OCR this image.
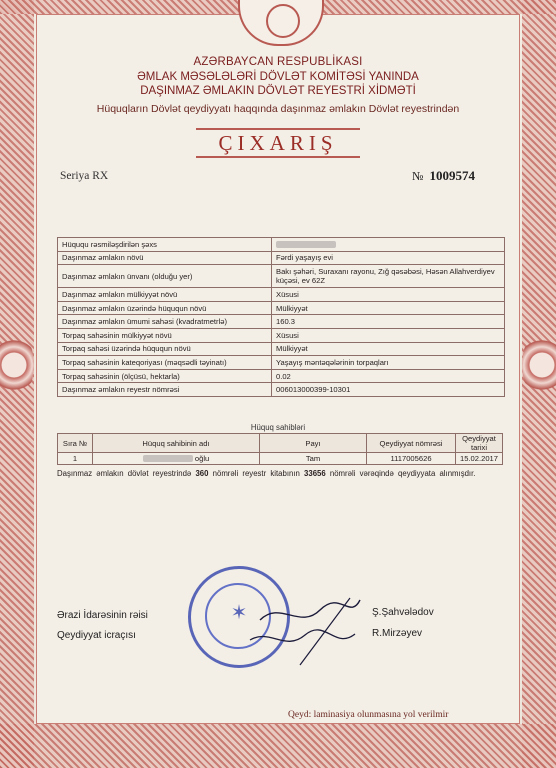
AZƏRBAYCAN RESPUBLİKASI
ƏMLAK MƏSƏLƏLƏRİ DÖVLƏT KOMİTƏSİ YANINDA
DAŞINMAZ ƏMLAKIN DÖVLƏT REYESTRİ XİDMƏTİ
Hüquqların Dövlət qeydiyyatı haqqında daşınmaz əmlakın Dövlət reyestrindən
ÇIXARIŞ
Seriya RX	№ 1009574
Hüququ rəsmiləşdirilən şəxs	
Daşınmaz əmlakın növü	Fərdi yaşayış evi
Daşınmaz əmlakın ünvanı (olduğu yer)	Bakı şəhəri, Suraxanı rayonu, Zığ qəsəbəsi, Həsən Allahverdiyev küçəsi, ev 62Z
Daşınmaz əmlakın mülkiyyət növü	Xüsusi
Daşınmaz əmlakın üzərində hüququn növü	Mülkiyyət
Daşınmaz əmlakın ümumi sahəsi (kvadratmetrlə)	160.3
Torpaq sahəsinin mülkiyyət növü	Xüsusi
Torpaq sahəsi üzərində hüququn növü	Mülkiyyət
Torpaq sahəsinin kateqoriyası (məqsədli təyinatı)	Yaşayış məntəqələrinin torpaqları
Torpaq sahəsinin (ölçüsü, hektarla)	0.02
Daşınmaz əmlakın reyestr nömrəsi	006013000399-10301
Hüquq sahibləri
Sıra №	Hüquq sahibinin adı	Payı	Qeydiyyat nömrəsi	Qeydiyyat tarixi
1	oğlu	Tam	1117005626	15.02.2017
Daşınmaz əmlakın dövlət reyestrində 360 nömrəli reyestr kitabının 33656 nömrəli vərəqində qeydiyyata alınmışdır.
✶
Ərazi İdarəsinin rəisi
Qeydiyyat icraçısı
Ş.Şahvələdov
R.Mirzəyev
Qeyd: laminasiya olunmasına yol verilmir
